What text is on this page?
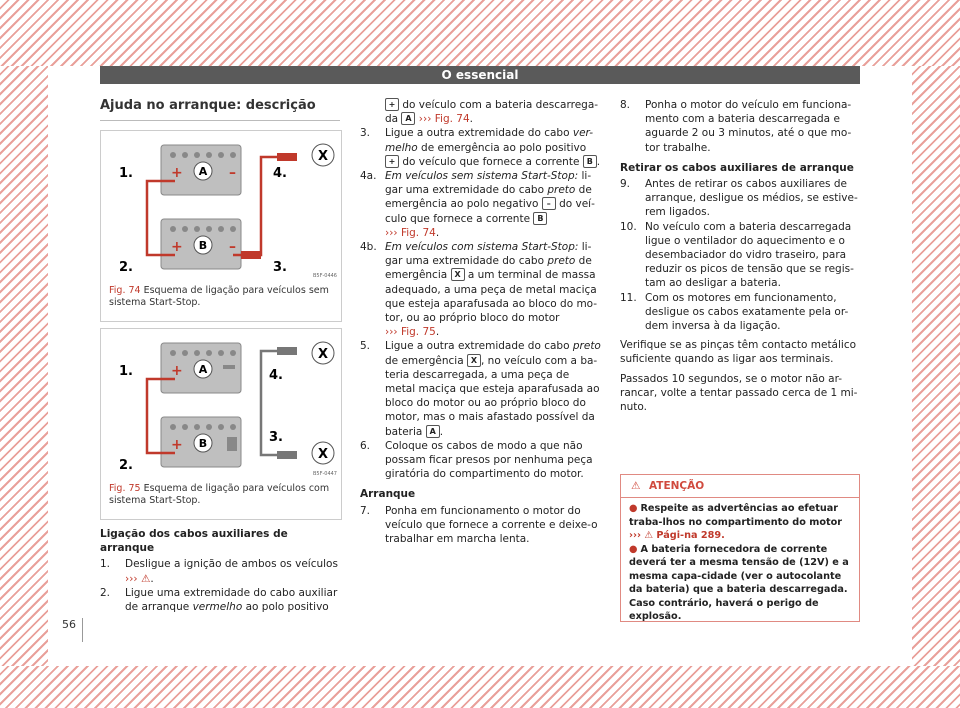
O essencial
Ajuda no arranque: descrição
A
+	–
B
+	–
X
1.
2.	3.
4.
B5F-0446
Fig. 74 Esquema de ligação para veículos sem sistema Start-Stop.
A
+
B
+
X
X
1.
2.
3.
4.
B5F-0447
Fig. 75 Esquema de ligação para veículos com sistema Start-Stop.
Ligação dos cabos auxiliares de arranque
1. Desligue a ignição de ambos os veículos
››› ⚠.
2. Ligue uma extremidade do cabo auxiliar de arranque vermelho ao polo positivo
+ do veículo com a bateria descarrega-da A ››› Fig. 74.
3. Ligue a outra extremidade do cabo ver-melho de emergência ao polo positivo + do veículo que fornece a corrente B .
4a. Em veículos sem sistema Start-Stop: li-gar uma extremidade do cabo preto de emergência ao polo negativo – do veí-culo que fornece a corrente B
››› Fig. 74.
4b. Em veículos com sistema Start-Stop: li-gar uma extremidade do cabo preto de emergência X a um terminal de massa adequado, a uma peça de metal maciça que esteja aparafusada ao bloco do mo-tor, ou ao próprio bloco do motor
››› Fig. 75.
5. Ligue a outra extremidade do cabo preto de emergência X , no veículo com a ba-teria descarregada, a uma peça de metal maciça que esteja aparafusada ao bloco do motor ou ao próprio bloco do motor, mas o mais afastado possível da bateria A .
6. Coloque os cabos de modo a que não possam ficar presos por nenhuma peça giratória do compartimento do motor.
Arranque
7. Ponha em funcionamento o motor do veículo que fornece a corrente e deixe-o trabalhar em marcha lenta.
8. Ponha o motor do veículo em funciona-mento com a bateria descarregada e aguarde 2 ou 3 minutos, até o que mo-tor trabalhe.
Retirar os cabos auxiliares de arranque
9. Antes de retirar os cabos auxiliares de arranque, desligue os médios, se estive-rem ligados.
10. No veículo com a bateria descarregada ligue o ventilador do aquecimento e o desembaciador do vidro traseiro, para reduzir os picos de tensão que se regis-tam ao desligar a bateria.
11. Com os motores em funcionamento, desligue os cabos exatamente pela or-dem inversa à da ligação.

Verifique se as pinças têm contacto metálico suficiente quando as ligar aos terminais.

Passados 10 segundos, se o motor não ar-rancar, volte a tentar passado cerca de 1 mi-nuto.

⚠ ATENÇÃO
● Respeite as advertências ao efetuar traba-lhos no compartimento do motor ››› ⚠ Pági-na 289.
● A bateria fornecedora de corrente deverá ter a mesma tensão de (12V) e a mesma capa-cidade (ver o autocolante da bateria) que a bateria descarregada. Caso contrário, haverá o perigo de explosão.
56
